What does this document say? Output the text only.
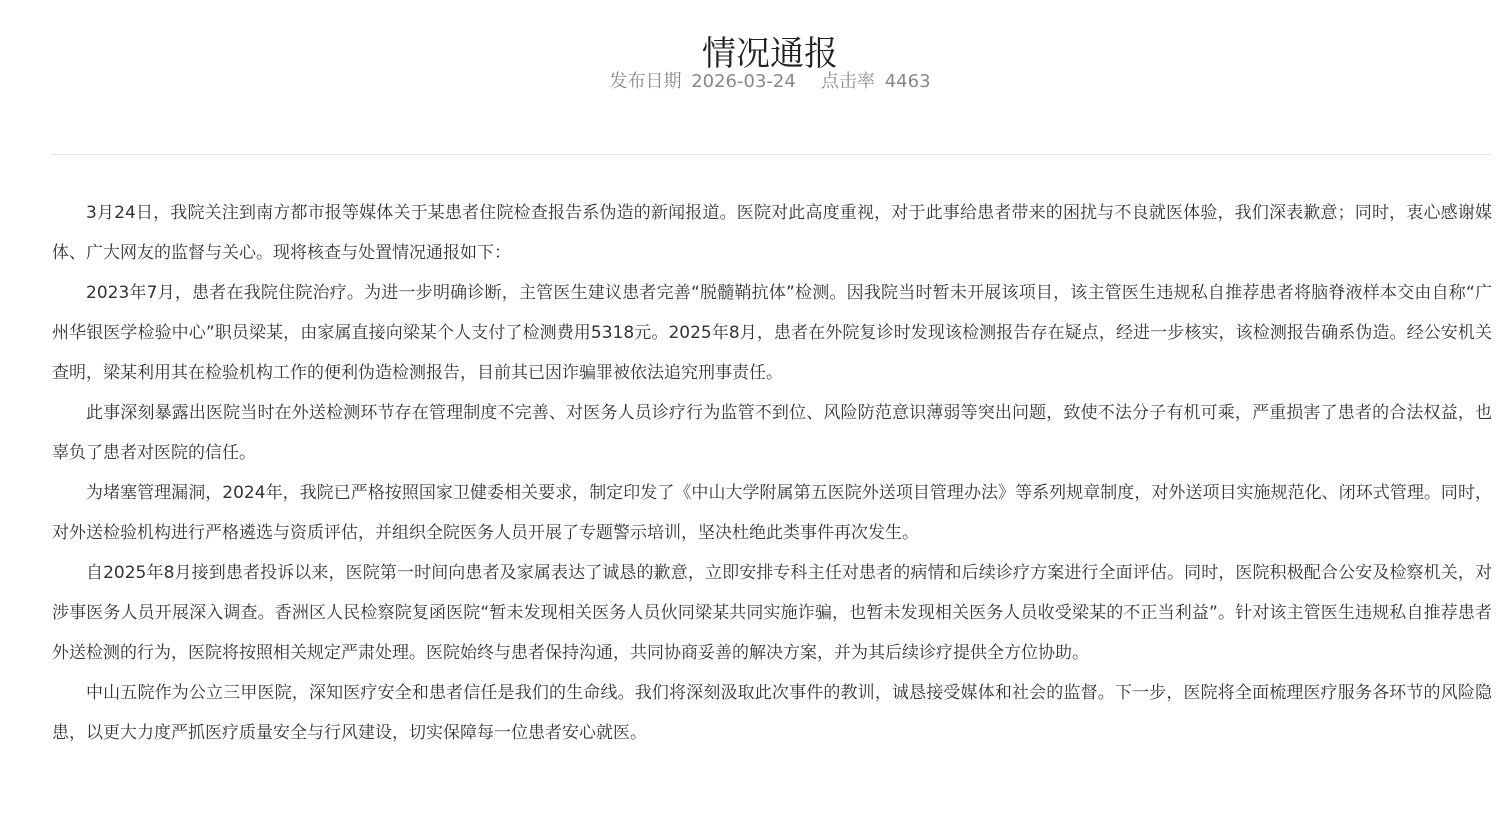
情况通报
发布日期 2026-03-24 点击率 4463

3月24日，我院关注到南方都市报等媒体关于某患者住院检查报告系伪造的新闻报道。医院对此高度重视，对于此事给患者带来的困扰与不良就医体验，我们深表歉意；同时，衷心感谢媒体、广大网友的监督与关心。现将核查与处置情况通报如下：

2023年7月，患者在我院住院治疗。为进一步明确诊断，主管医生建议患者完善“脱髓鞘抗体”检测。因我院当时暂未开展该项目，该主管医生违规私自推荐患者将脑脊液样本交由自称“广州华银医学检验中心”职员梁某，由家属直接向梁某个人支付了检测费用5318元。2025年8月，患者在外院复诊时发现该检测报告存在疑点，经进一步核实，该检测报告确系伪造。经公安机关查明，梁某利用其在检验机构工作的便利伪造检测报告，目前其已因诈骗罪被依法追究刑事责任。

此事深刻暴露出医院当时在外送检测环节存在管理制度不完善、对医务人员诊疗行为监管不到位、风险防范意识薄弱等突出问题，致使不法分子有机可乘，严重损害了患者的合法权益，也辜负了患者对医院的信任。

为堵塞管理漏洞，2024年，我院已严格按照国家卫健委相关要求，制定印发了《中山大学附属第五医院外送项目管理办法》等系列规章制度，对外送项目实施规范化、闭环式管理。同时，对外送检验机构进行严格遴选与资质评估，并组织全院医务人员开展了专题警示培训，坚决杜绝此类事件再次发生。

自2025年8月接到患者投诉以来，医院第一时间向患者及家属表达了诚恳的歉意，立即安排专科主任对患者的病情和后续诊疗方案进行全面评估。同时，医院积极配合公安及检察机关，对涉事医务人员开展深入调查。香洲区人民检察院复函医院“暂未发现相关医务人员伙同梁某共同实施诈骗，也暂未发现相关医务人员收受梁某的不正当利益”。针对该主管医生违规私自推荐患者外送检测的行为，医院将按照相关规定严肃处理。医院始终与患者保持沟通，共同协商妥善的解决方案，并为其后续诊疗提供全方位协助。

中山五院作为公立三甲医院，深知医疗安全和患者信任是我们的生命线。我们将深刻汲取此次事件的教训，诚恳接受媒体和社会的监督。下一步，医院将全面梳理医疗服务各环节的风险隐患，以更大力度严抓医疗质量安全与行风建设，切实保障每一位患者安心就医。
